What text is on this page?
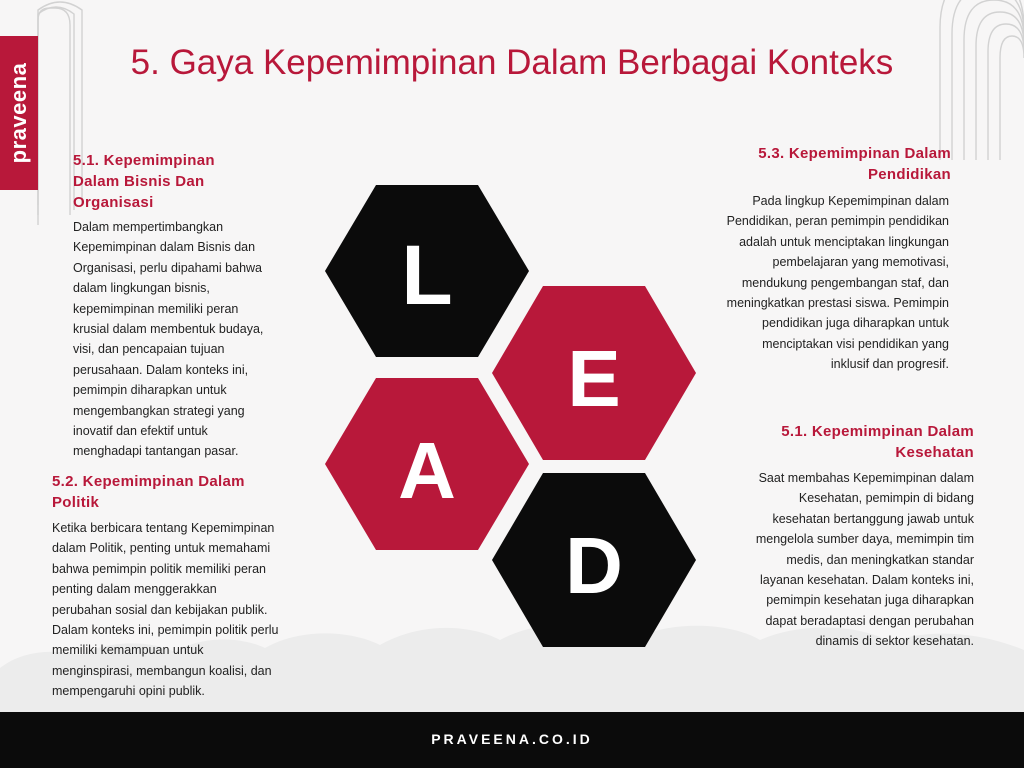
praveena
5. Gaya Kepemimpinan Dalam Berbagai Konteks
5.1. Kepemimpinan
Dalam Bisnis Dan
Organisasi

Dalam mempertimbangkan
Kepemimpinan dalam Bisnis dan
Organisasi, perlu dipahami bahwa
dalam lingkungan bisnis,
kepemimpinan memiliki peran
krusial dalam membentuk budaya,
visi, dan pencapaian tujuan
perusahaan. Dalam konteks ini,
pemimpin diharapkan untuk
mengembangkan strategi yang
inovatif dan efektif untuk
menghadapi tantangan pasar.

5.2. Kepemimpinan Dalam
Politik

Ketika berbicara tentang Kepemimpinan
dalam Politik, penting untuk memahami
bahwa pemimpin politik memiliki peran
penting dalam menggerakkan
perubahan sosial dan kebijakan publik.
Dalam konteks ini, pemimpin politik perlu
memiliki kemampuan untuk
menginspirasi, membangun koalisi, dan
mempengaruhi opini publik.

5.3. Kepemimpinan Dalam
Pendidikan

Pada lingkup Kepemimpinan dalam
Pendidikan, peran pemimpin pendidikan
adalah untuk menciptakan lingkungan
pembelajaran yang memotivasi,
mendukung pengembangan staf, dan
meningkatkan prestasi siswa. Pemimpin
pendidikan juga diharapkan untuk
menciptakan visi pendidikan yang
inklusif dan progresif.

5.1. Kepemimpinan Dalam
Kesehatan

Saat membahas Kepemimpinan dalam
Kesehatan, pemimpin di bidang
kesehatan bertanggung jawab untuk
mengelola sumber daya, memimpin tim
medis, dan meningkatkan standar
layanan kesehatan. Dalam konteks ini,
pemimpin kesehatan juga diharapkan
dapat beradaptasi dengan perubahan
dinamis di sektor kesehatan.

L
E
A
D
PRAVEENA.CO.ID
